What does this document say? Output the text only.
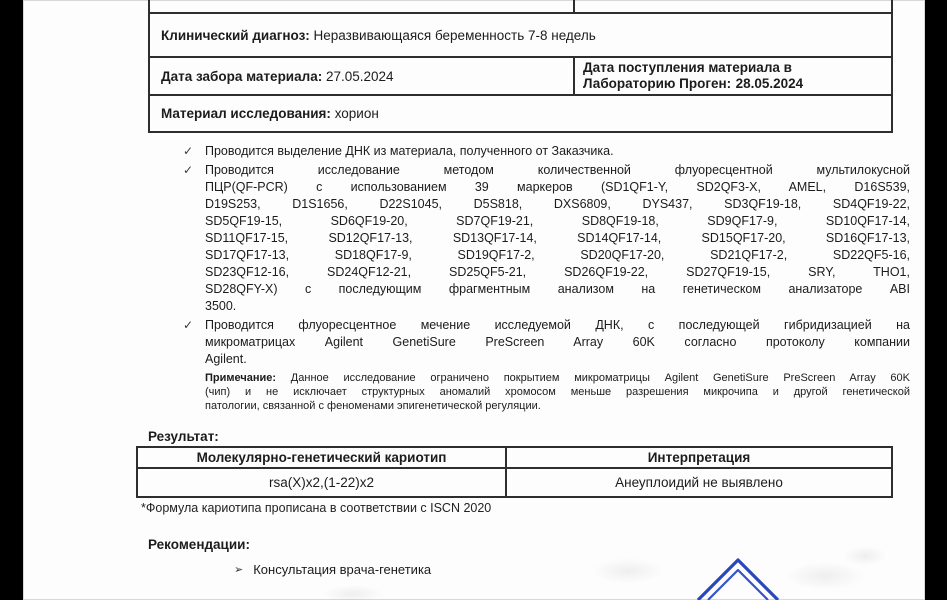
Клинический диагноз:
Неразвивающаяся беременность 7-8 недель
Дата забора материала:
27.05.2024
Дата поступления материала в Лабораторию Проген: 28.05.2024
Материал исследования:
хорион
✓ Проводится выделение ДНК из материала, полученного от Заказчика.
✓ Проводится исследование методом количественной флуоресцентной мультилокусной
ПЦР(QF-PCR) с использованием 39 маркеров (SD1QF1-Y, SD2QF3-X, AMEL, D16S539,
D19S253, D1S1656, D22S1045, D5S818, DXS6809, DYS437, SD3QF19-18, SD4QF19-22,
SD5QF19-15, SD6QF19-20, SD7QF19-21, SD8QF19-18, SD9QF17-9, SD10QF17-14,
SD11QF17-15, SD12QF17-13, SD13QF17-14, SD14QF17-14, SD15QF17-20, SD16QF17-13,
SD17QF17-13, SD18QF17-9, SD19QF17-2, SD20QF17-20, SD21QF17-2, SD22QF5-16,
SD23QF12-16, SD24QF12-21, SD25QF5-21, SD26QF19-22, SD27QF19-15, SRY, THO1,
SD28QFY-X) с последующим фрагментным анализом на генетическом анализаторе ABI
3500.
✓ Проводится флуоресцентное мечение исследуемой ДНК, с последующей гибридизацией на
микроматрицах Agilent GenetiSure PreScreen Array 60K согласно протоколу компании
Agilent.
Примечание: Данное исследование ограничено покрытием микроматрицы Agilent GenetiSure PreScreen Array 60K
(чип) и не исключает структурных аномалий хромосом меньше разрешения микрочипа и другой генетической
патологии, связанной с феноменами эпигенетической регуляции.
Результат:
Молекулярно-генетический кариотип	Интерпретация
rsa(X)x2,(1-22)x2	Анеуплоидий не выявлено
*Формула кариотипа прописана в соответствии с ISCN 2020
Рекомендации:
➢ Консультация врача-генетика
